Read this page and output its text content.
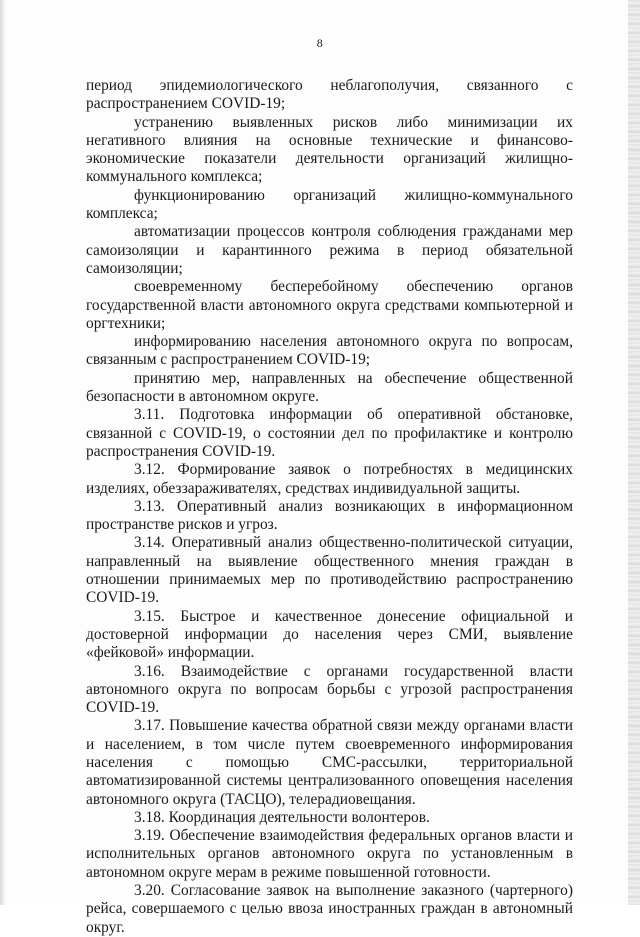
8

период эпидемиологического неблагополучия, связанного с распространением COVID-19;

устранению выявленных рисков либо минимизации их негативного влияния на основные технические и финансово-экономические показатели деятельности организаций жилищно-коммунального комплекса;

функционированию организаций жилищно-коммунального комплекса;

автоматизации процессов контроля соблюдения гражданами мер самоизоляции и карантинного режима в период обязательной самоизоляции;

своевременному бесперебойному обеспечению органов государственной власти автономного округа средствами компьютерной и оргтехники;

информированию населения автономного округа по вопросам, связанным с распространением COVID-19;

принятию мер, направленных на обеспечение общественной безопасности в автономном округе.

3.11. Подготовка информации об оперативной обстановке, связанной с COVID-19, о состоянии дел по профилактике и контролю распространения COVID-19.

3.12. Формирование заявок о потребностях в медицинских изделиях, обеззараживателях, средствах индивидуальной защиты.

3.13. Оперативный анализ возникающих в информационном пространстве рисков и угроз.

3.14. Оперативный анализ общественно-политической ситуации, направленный на выявление общественного мнения граждан в отношении принимаемых мер по противодействию распространению COVID-19.

3.15. Быстрое и качественное донесение официальной и достоверной информации до населения через СМИ, выявление «фейковой» информации.

3.16. Взаимодействие с органами государственной власти автономного округа по вопросам борьбы с угрозой распространения COVID-19.

3.17. Повышение качества обратной связи между органами власти и населением, в том числе путем своевременного информирования населения с помощью СМС-рассылки, территориальной автоматизированной системы централизованного оповещения населения автономного округа (ТАСЦО), телерадиовещания.

3.18. Координация деятельности волонтеров.

3.19. Обеспечение взаимодействия федеральных органов власти и исполнительных органов автономного округа по установленным в автономном округе мерам в режиме повышенной готовности.

3.20. Согласование заявок на выполнение заказного (чартерного) рейса, совершаемого с целью ввоза иностранных граждан в автономный округ.
